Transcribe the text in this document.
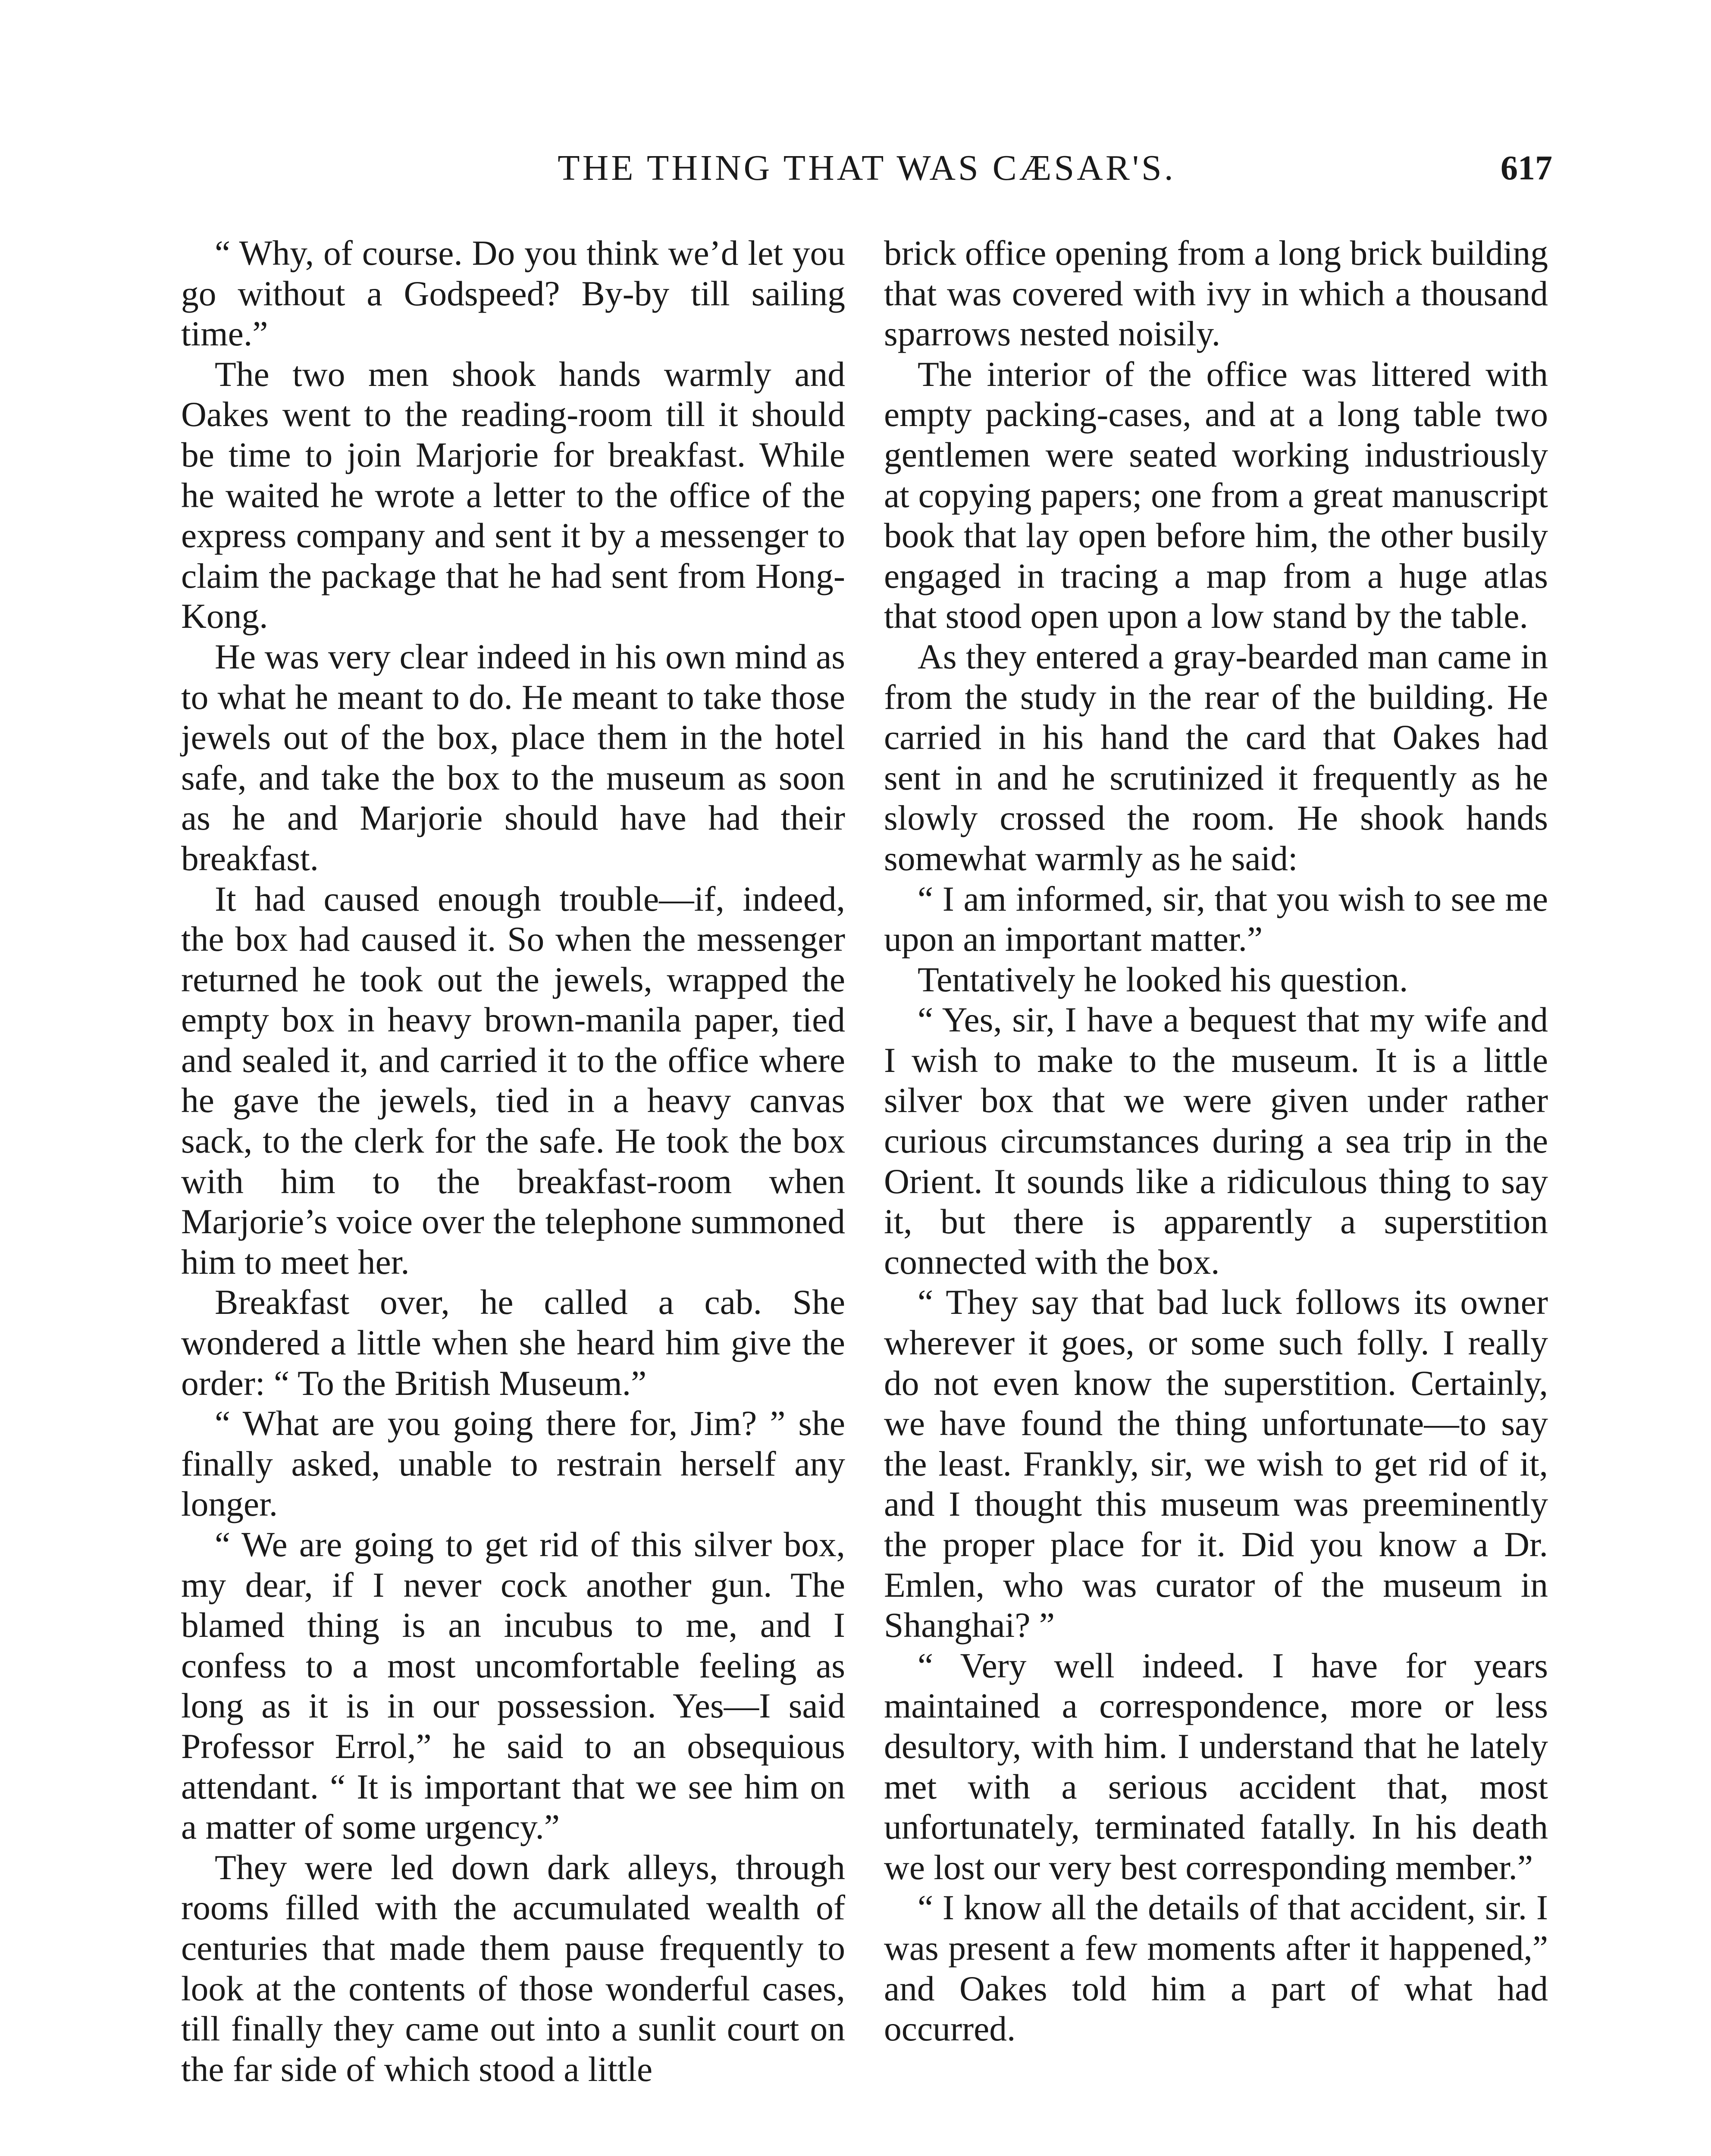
THE THING THAT WAS CÆSAR'S.	617

“ Why, of course. Do you think we’d let you go without a Godspeed? By-by till sailing time.”

The two men shook hands warmly and Oakes went to the reading-room till it should be time to join Marjorie for breakfast. While he waited he wrote a letter to the office of the express company and sent it by a messenger to claim the package that he had sent from Hong-Kong.

He was very clear indeed in his own mind as to what he meant to do. He meant to take those jewels out of the box, place them in the hotel safe, and take the box to the museum as soon as he and Marjorie should have had their breakfast.

It had caused enough trouble—if, indeed, the box had caused it. So when the messenger returned he took out the jewels, wrapped the empty box in heavy brown-manila paper, tied and sealed it, and carried it to the office where he gave the jewels, tied in a heavy canvas sack, to the clerk for the safe. He took the box with him to the breakfast-room when Marjorie’s voice over the telephone summoned him to meet her.

Breakfast over, he called a cab. She wondered a little when she heard him give the order: “ To the British Museum.”

“ What are you going there for, Jim? ” she finally asked, unable to restrain herself any longer.

“ We are going to get rid of this silver box, my dear, if I never cock another gun. The blamed thing is an incubus to me, and I confess to a most uncomfortable feeling as long as it is in our possession. Yes—I said Professor Errol,” he said to an obsequious attendant. “ It is important that we see him on a matter of some urgency.”

They were led down dark alleys, through rooms filled with the accumulated wealth of centuries that made them pause frequently to look at the contents of those wonderful cases, till finally they came out into a sunlit court on the far side of which stood a little

brick office opening from a long brick building that was covered with ivy in which a thousand sparrows nested noisily.

The interior of the office was littered with empty packing-cases, and at a long table two gentlemen were seated working industriously at copying papers; one from a great manuscript book that lay open before him, the other busily engaged in tracing a map from a huge atlas that stood open upon a low stand by the table.

As they entered a gray-bearded man came in from the study in the rear of the building. He carried in his hand the card that Oakes had sent in and he scrutinized it frequently as he slowly crossed the room. He shook hands somewhat warmly as he said:

“ I am informed, sir, that you wish to see me upon an important matter.”

Tentatively he looked his question.

“ Yes, sir, I have a bequest that my wife and I wish to make to the museum. It is a little silver box that we were given under rather curious circumstances during a sea trip in the Orient. It sounds like a ridiculous thing to say it, but there is apparently a superstition connected with the box.

“ They say that bad luck follows its owner wherever it goes, or some such folly. I really do not even know the superstition. Certainly, we have found the thing unfortunate—to say the least. Frankly, sir, we wish to get rid of it, and I thought this museum was preeminently the proper place for it. Did you know a Dr. Emlen, who was curator of the museum in Shanghai? ”

“ Very well indeed. I have for years maintained a correspondence, more or less desultory, with him. I understand that he lately met with a serious accident that, most unfortunately, terminated fatally. In his death we lost our very best corresponding member.”

“ I know all the details of that accident, sir. I was present a few moments after it happened,” and Oakes told him a part of what had occurred.
